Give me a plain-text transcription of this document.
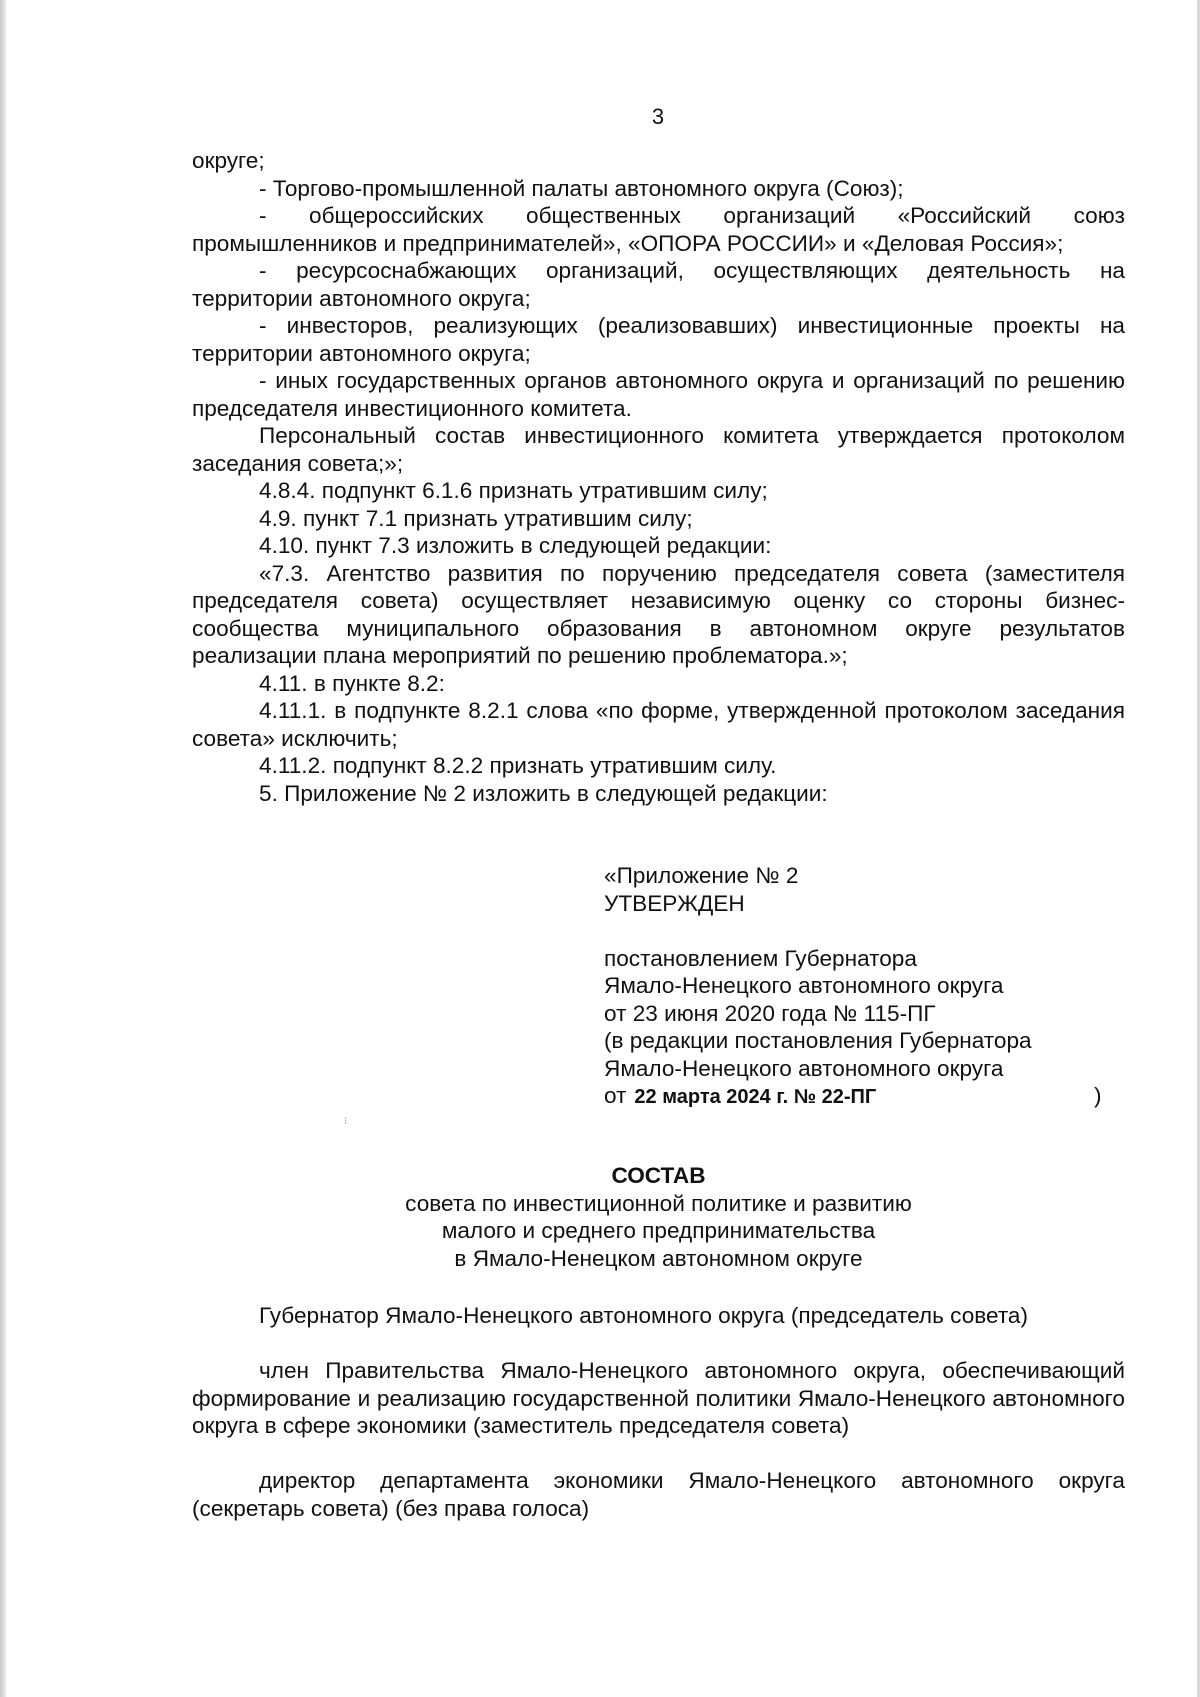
3

округе;

- Торгово-промышленной палаты автономного округа (Союз);

- общероссийских общественных организаций «Российский союз промышленников и предпринимателей», «ОПОРА РОССИИ» и «Деловая Россия»;

- ресурсоснабжающих организаций, осуществляющих деятельность на территории автономного округа;

- инвесторов, реализующих (реализовавших) инвестиционные проекты на территории автономного округа;

- иных государственных органов автономного округа и организаций по решению председателя инвестиционного комитета.

Персональный состав инвестиционного комитета утверждается протоколом заседания совета;»;

4.8.4. подпункт 6.1.6 признать утратившим силу;

4.9. пункт 7.1 признать утратившим силу;

4.10. пункт 7.3 изложить в следующей редакции:

«7.3. Агентство развития по поручению председателя совета (заместителя председателя совета) осуществляет независимую оценку со стороны бизнес-сообщества муниципального образования в автономном округе результатов реализации плана мероприятий по решению проблематора.»;

4.11. в пункте 8.2:

4.11.1. в подпункте 8.2.1 слова «по форме, утвержденной протоколом заседания совета» исключить;

4.11.2. подпункт 8.2.2 признать утратившим силу.

5. Приложение № 2 изложить в следующей редакции:

«Приложение № 2
УТВЕРЖДЕН
постановлением Губернатора
Ямало-Ненецкого автономного округа
от 23 июня 2020 года № 115-ПГ
(в редакции постановления Губернатора
Ямало-Ненецкого автономного округа
от 22 марта 2024 г. № 22-ПГ	)
⁝

СОСТАВ

совета по инвестиционной политике и развитию

малого и среднего предпринимательства

в Ямало-Ненецком автономном округе

Губернатор Ямало-Ненецкого автономного округа (председатель совета)

член Правительства Ямало-Ненецкого автономного округа, обеспечивающий формирование и реализацию государственной политики Ямало-Ненецкого автономного округа в сфере экономики (заместитель председателя совета)

директор департамента экономики Ямало-Ненецкого автономного округа (секретарь совета) (без права голоса)
